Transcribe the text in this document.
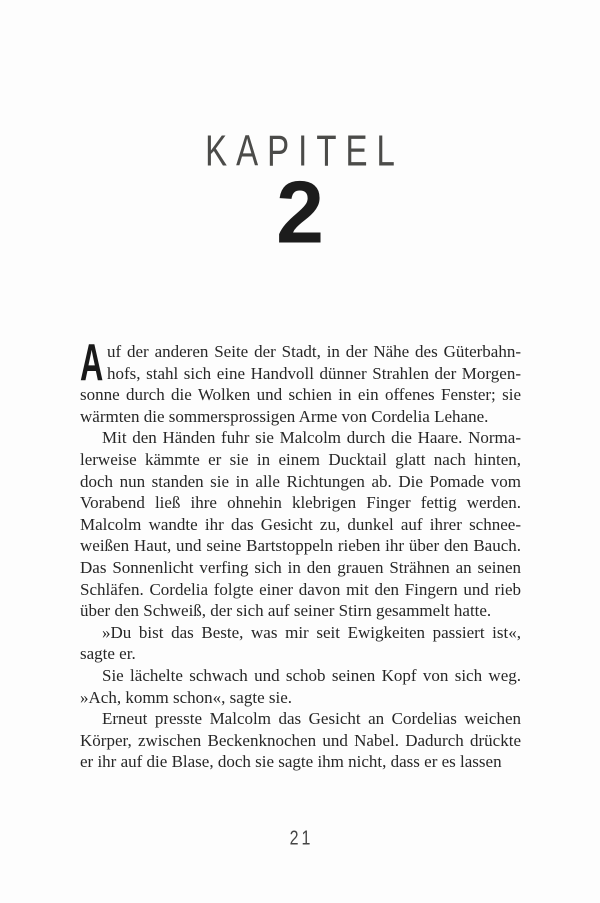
KAPITEL
2

Auf der anderen Seite der Stadt, in der Nähe des Güterbahnhofs, stahl sich eine Handvoll dünner Strahlen der Morgensonne durch die Wolken und schien in ein offenes Fenster; sie wärmten die sommersprossigen Arme von Cordelia Lehane.

Mit den Händen fuhr sie Malcolm durch die Haare. Normalerweise kämmte er sie in einem Ducktail glatt nach hinten, doch nun standen sie in alle Richtungen ab. Die Pomade vom Vorabend ließ ihre ohnehin klebrigen Finger fettig werden. Malcolm wandte ihr das Gesicht zu, dunkel auf ihrer schneeweißen Haut, und seine Bartstoppeln rieben ihr über den Bauch. Das Sonnenlicht verfing sich in den grauen Strähnen an seinen Schläfen. Cordelia folgte einer davon mit den Fingern und rieb über den Schweiß, der sich auf seiner Stirn gesammelt hatte.

»Du bist das Beste, was mir seit Ewigkeiten passiert ist«, sagte er.

Sie lächelte schwach und schob seinen Kopf von sich weg. »Ach, komm schon«, sagte sie.

Erneut presste Malcolm das Gesicht an Cordelias weichen Körper, zwischen Beckenknochen und Nabel. Dadurch drückte er ihr auf die Blase, doch sie sagte ihm nicht, dass er es lassen

21
